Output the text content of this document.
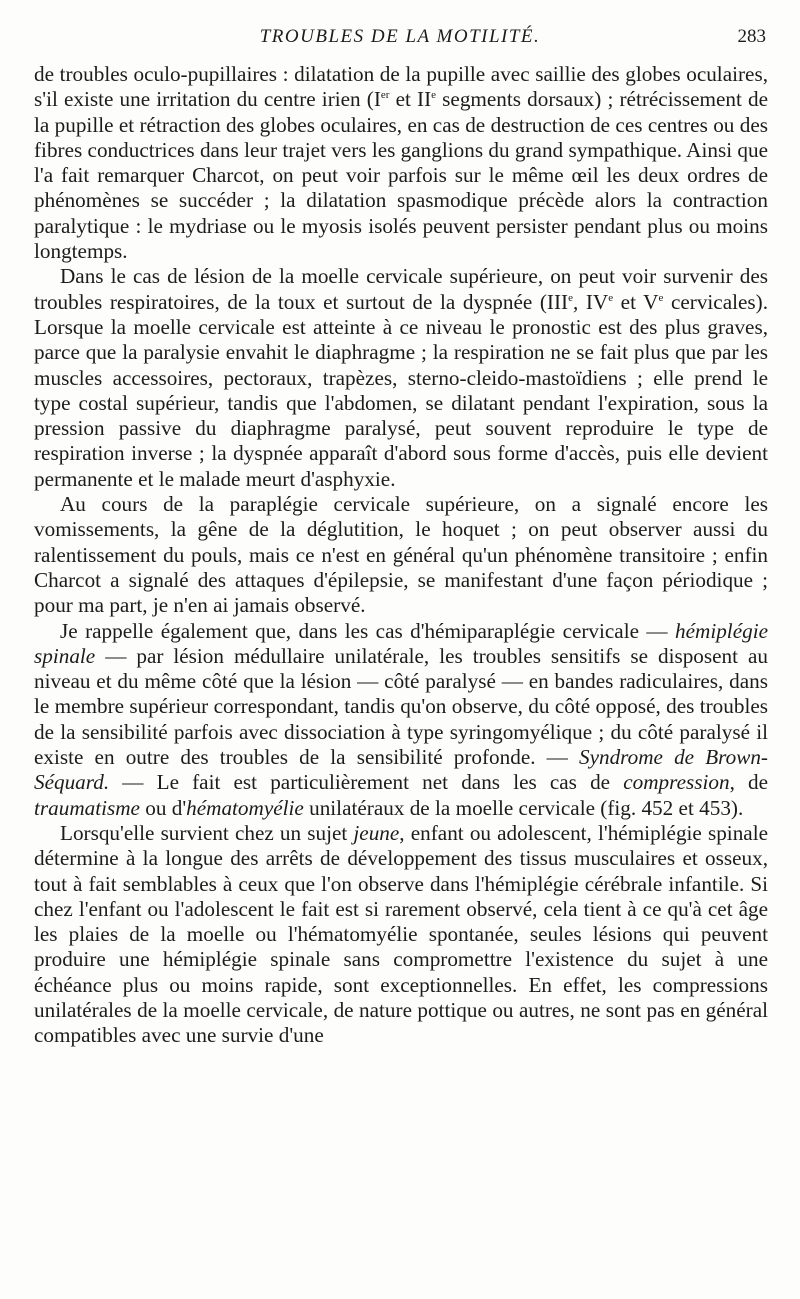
TROUBLES DE LA MOTILITÉ.	283

de troubles oculo-pupillaires : dilatation de la pupille avec saillie des globes oculaires, s'il existe une irritation du centre irien (Ier et IIe segments dorsaux) ; rétrécissement de la pupille et rétraction des globes oculaires, en cas de destruction de ces centres ou des fibres conductrices dans leur trajet vers les ganglions du grand sympathique. Ainsi que l'a fait remarquer Charcot, on peut voir parfois sur le même œil les deux ordres de phénomènes se succéder ; la dilatation spasmodique précède alors la contraction paralytique : le mydriase ou le myosis isolés peuvent persister pendant plus ou moins longtemps.

Dans le cas de lésion de la moelle cervicale supérieure, on peut voir survenir des troubles respiratoires, de la toux et surtout de la dyspnée (IIIe, IVe et Ve cervicales). Lorsque la moelle cervicale est atteinte à ce niveau le pronostic est des plus graves, parce que la paralysie envahit le diaphragme ; la respiration ne se fait plus que par les muscles accessoires, pectoraux, trapèzes, sterno-cleido-mastoïdiens ; elle prend le type costal supérieur, tandis que l'abdomen, se dilatant pendant l'expiration, sous la pression passive du diaphragme paralysé, peut souvent reproduire le type de respiration inverse ; la dyspnée apparaît d'abord sous forme d'accès, puis elle devient permanente et le malade meurt d'asphyxie.

Au cours de la paraplégie cervicale supérieure, on a signalé encore les vomissements, la gêne de la déglutition, le hoquet ; on peut observer aussi du ralentissement du pouls, mais ce n'est en général qu'un phénomène transitoire ; enfin Charcot a signalé des attaques d'épilepsie, se manifestant d'une façon périodique ; pour ma part, je n'en ai jamais observé.

Je rappelle également que, dans les cas d'hémiparaplégie cervicale — hémiplégie spinale — par lésion médullaire unilatérale, les troubles sensitifs se disposent au niveau et du même côté que la lésion — côté paralysé — en bandes radiculaires, dans le membre supérieur correspondant, tandis qu'on observe, du côté opposé, des troubles de la sensibilité parfois avec dissociation à type syringomyélique ; du côté paralysé il existe en outre des troubles de la sensibilité profonde. — Syndrome de Brown-Séquard. — Le fait est particulièrement net dans les cas de compression, de traumatisme ou d'hématomyélie unilatéraux de la moelle cervicale (fig. 452 et 453).

Lorsqu'elle survient chez un sujet jeune, enfant ou adolescent, l'hémiplégie spinale détermine à la longue des arrêts de développement des tissus musculaires et osseux, tout à fait semblables à ceux que l'on observe dans l'hémiplégie cérébrale infantile. Si chez l'enfant ou l'adolescent le fait est si rarement observé, cela tient à ce qu'à cet âge les plaies de la moelle ou l'hématomyélie spontanée, seules lésions qui peuvent produire une hémiplégie spinale sans compromettre l'existence du sujet à une échéance plus ou moins rapide, sont exceptionnelles. En effet, les compressions unilatérales de la moelle cervicale, de nature pottique ou autres, ne sont pas en général compatibles avec une survie d'une
